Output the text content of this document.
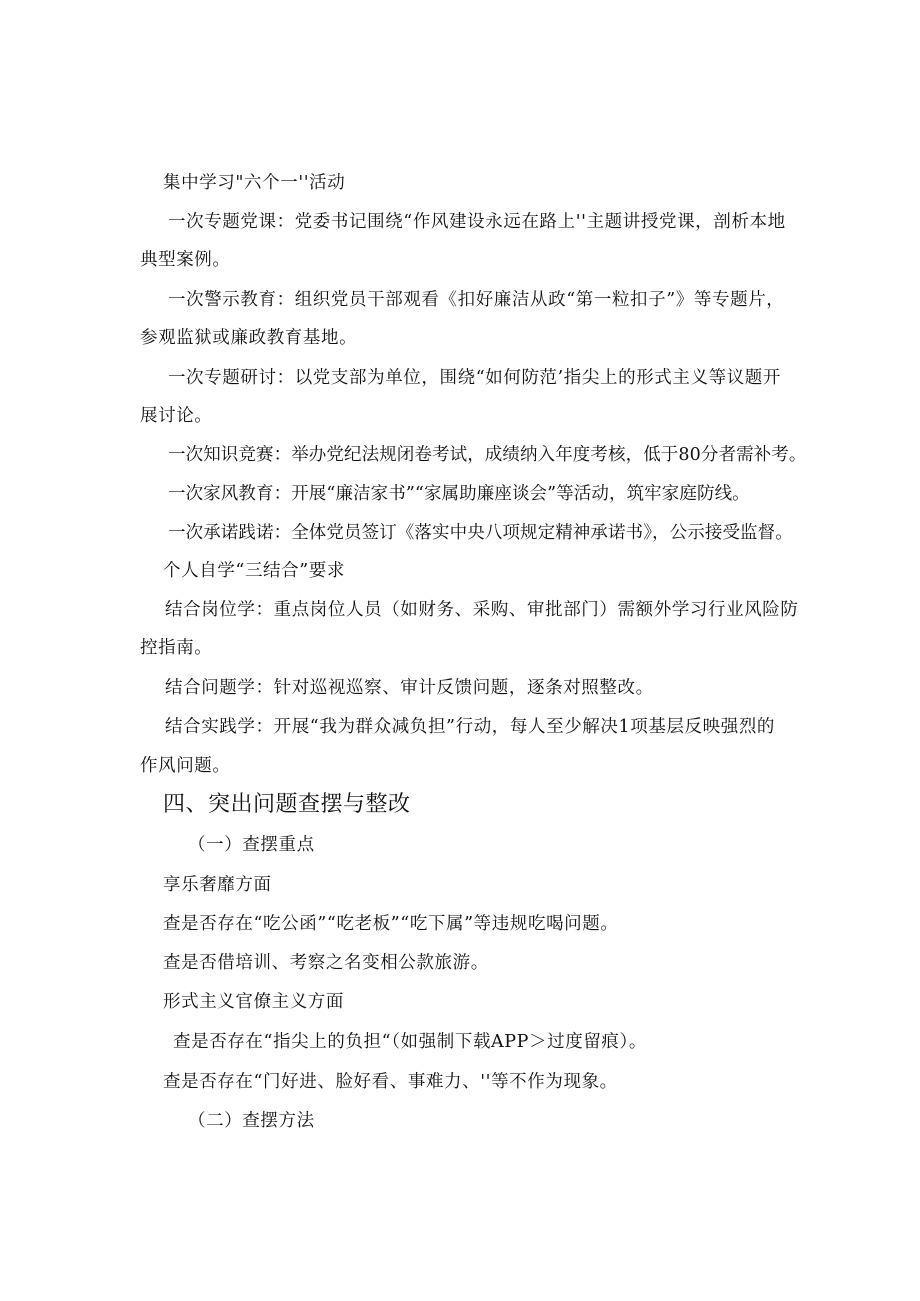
集中学习"六个一''活动
一次专题党课：党委书记围绕“作风建设永远在路上''主题讲授党课，剖析本地
典型案例。
一次警示教育：组织党员干部观看《扣好廉洁从政“第一粒扣子”》等专题片，
参观监狱或廉政教育基地。
一次专题研讨：以党支部为单位，围绕“如何防范’指尖上的形式主义等议题开
展讨论。
一次知识竞赛：举办党纪法规闭卷考试，成绩纳入年度考核，低于80分者需补考。
一次家风教育：开展“廉洁家书”“家属助廉座谈会”等活动，筑牢家庭防线。
一次承诺践诺：全体党员签订《落实中央八项规定精神承诺书》，公示接受监督。
个人自学“三结合”要求
结合岗位学：重点岗位人员（如财务、采购、审批部门）需额外学习行业风险防
控指南。
结合问题学：针对巡视巡察、审计反馈问题，逐条对照整改。
结合实践学：开展“我为群众减负担”行动，每人至少解决1项基层反映强烈的
作风问题。
四、突出问题查摆与整改
（一）查摆重点
享乐奢靡方面
查是否存在“吃公函”“吃老板”“吃下属”等违规吃喝问题。
查是否借培训、考察之名变相公款旅游。
形式主义官僚主义方面
查是否存在“指尖上的负担“（如强制下载APP＞过度留痕）。
查是否存在“门好进、脸好看、事难力、''等不作为现象。
（二）查摆方法
